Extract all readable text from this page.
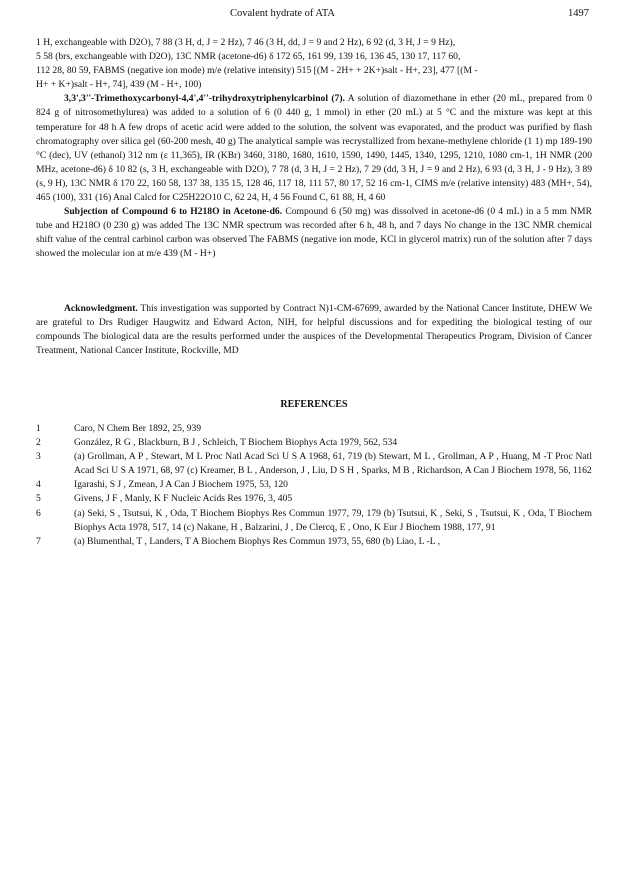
Covalent hydrate of ATA	1497

1 H, exchangeable with D2O), 7 88 (3 H, d, J = 2 Hz), 7 46 (3 H, dd, J = 9 and 2 Hz), 6 92 (d, 3 H, J = 9 Hz),

5 58 (brs, exchangeable with D2O), 13C NMR (acetone-d6) δ 172 65, 161 99, 139 16, 136 45, 130 17, 117 60,

112 28, 80 59, FABMS (negative ion mode) m/e (relative intensity) 515 [(M - 2H+ + 2K+)salt - H+, 23], 477 [(M -

H+ + K+)salt - H+, 74], 439 (M - H+, 100)

3,3',3''-Trimethoxycarbonyl-4,4',4''-trihydroxytriphenylcarbinol (7). A solution of diazomethane in ether (20 mL, prepared from 0 824 g of nitrosomethylurea) was added to a solution of 6 (0 440 g, 1 mmol) in ether (20 mL) at 5 °C and the mixture was kept at this temperature for 48 h A few drops of acetic acid were added to the solution, the solvent was evaporated, and the product was purified by flash chromatography over silica gel (60-200 mesh, 40 g) The analytical sample was recrystallized from hexane-methylene chloride (1 1) mp 189-190 °C (dec), UV (ethanol) 312 nm (ε 11,365), IR (KBr) 3460, 3180, 1680, 1610, 1590, 1490, 1445, 1340, 1295, 1210, 1080 cm-1, 1H NMR (200 MHz, acetone-d6) δ 10 82 (s, 3 H, exchangeable with D2O), 7 78 (d, 3 H, J = 2 Hz), 7 29 (dd, 3 H, J = 9 and 2 Hz), 6 93 (d, 3 H, J - 9 Hz), 3 89 (s, 9 H), 13C NMR δ 170 22, 160 58, 137 38, 135 15, 128 46, 117 18, 111 57, 80 17, 52 16 cm-1, CIMS m/e (relative intensity) 483 (MH+, 54), 465 (100), 331 (16) Anal Calcd for C25H22O10 C, 62 24, H, 4 56 Found C, 61 88, H, 4 60

Subjection of Compound 6 to H218O in Acetone-d6. Compound 6 (50 mg) was dissolved in acetone-d6 (0 4 mL) in a 5 mm NMR tube and H218O (0 230 g) was added The 13C NMR spectrum was recorded after 6 h, 48 h, and 7 days No change in the 13C NMR chemical shift value of the central carbinol carbon was observed The FABMS (negative ion mode, KCl in glycerol matrix) run of the solution after 7 days showed the molecular ion at m/e 439 (M - H+)

Acknowledgment. This investigation was supported by Contract N)1-CM-67699, awarded by the National Cancer Institute, DHEW We are grateful to Drs Rudiger Haugwitz and Edward Acton, NIH, for helpful discussions and for expediting the biological testing of our compounds The biological data are the results performed under the auspices of the Developmental Therapeutics Program, Division of Cancer Treatment, National Cancer Institute, Rockville, MD

REFERENCES

1	Caro, N Chem Ber 1892, 25, 939
2	González, R G , Blackburn, B J , Schleich, T Biochem Biophys Acta 1979, 562, 534
3	(a) Grollman, A P , Stewart, M L Proc Natl Acad Sci U S A 1968, 61, 719 (b) Stewart, M L , Grollman, A P , Huang, M -T Proc Natl Acad Sci U S A 1971, 68, 97 (c) Kreamer, B L , Anderson, J , Liu, D S H , Sparks, M B , Richardson, A Can J Biochem 1978, 56, 1162
4	Igarashi, S J , Zmean, J A Can J Biochem 1975, 53, 120
5	Givens, J F , Manly, K F Nucleic Acids Res 1976, 3, 405
6	(a) Seki, S , Tsutsui, K , Oda, T Biochem Biophys Res Commun 1977, 79, 179 (b) Tsutsui, K , Seki, S , Tsutsui, K , Oda, T Biochem Biophys Acta 1978, 517, 14 (c) Nakane, H , Balzarini, J , De Clercq, E , Ono, K Eur J Biochem 1988, 177, 91
7	(a) Blumenthal, T , Landers, T A Biochem Biophys Res Commun 1973, 55, 680 (b) Liao, L -L ,
